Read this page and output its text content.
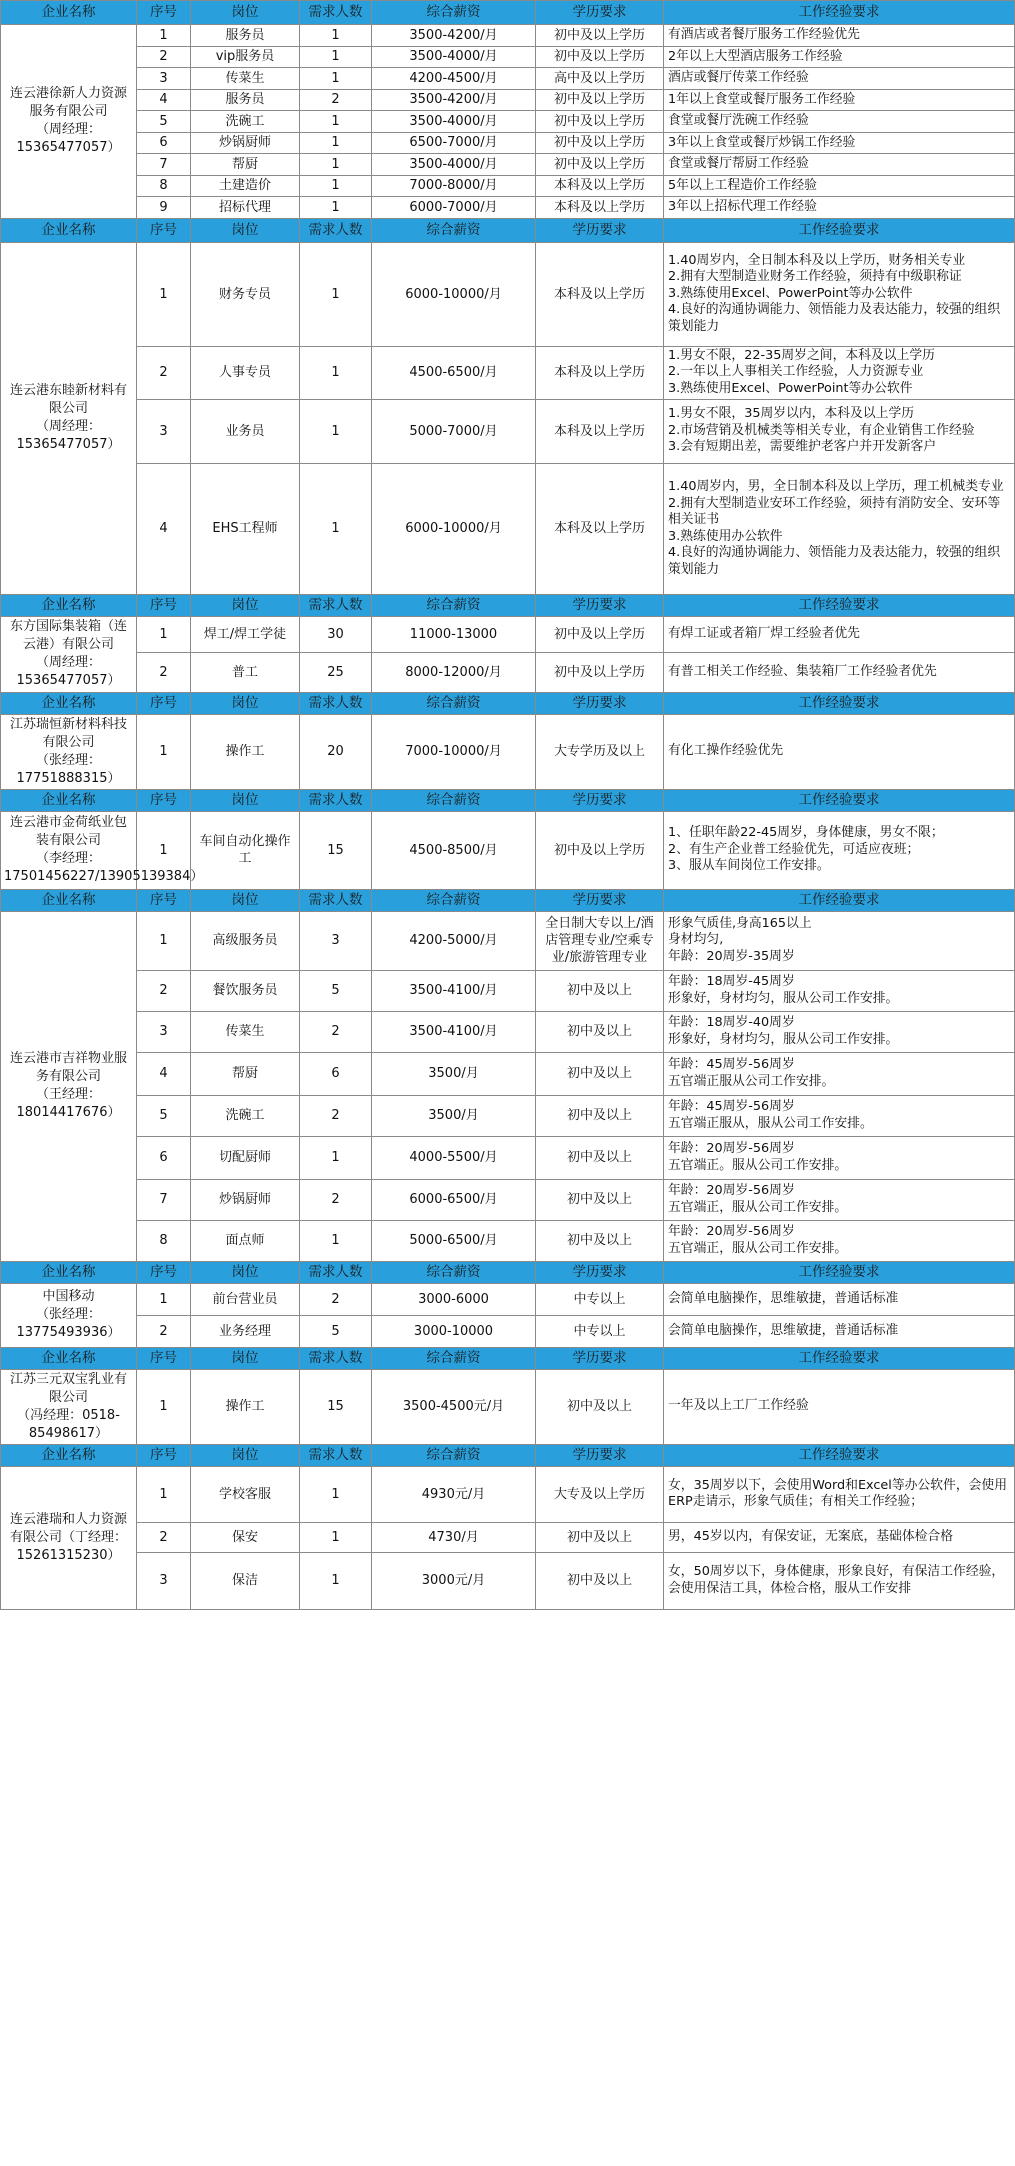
企业名称	序号	岗位	需求人数	综合薪资	学历要求	工作经验要求
连云港徐新人力资源服务有限公司
（周经理：15365477057）	1	服务员	1	3500-4200/月	初中及以上学历	有酒店或者餐厅服务工作经验优先
	2	vip服务员	1	3500-4000/月	初中及以上学历	2年以上大型酒店服务工作经验
	3	传菜生	1	4200-4500/月	高中及以上学历	酒店或餐厅传菜工作经验
	4	服务员	2	3500-4200/月	初中及以上学历	1年以上食堂或餐厅服务工作经验
	5	洗碗工	1	3500-4000/月	初中及以上学历	食堂或餐厅洗碗工作经验
	6	炒锅厨师	1	6500-7000/月	初中及以上学历	3年以上食堂或餐厅炒锅工作经验
	7	帮厨	1	3500-4000/月	初中及以上学历	食堂或餐厅帮厨工作经验
	8	土建造价	1	7000-8000/月	本科及以上学历	5年以上工程造价工作经验
	9	招标代理	1	6000-7000/月	本科及以上学历	3年以上招标代理工作经验
企业名称	序号	岗位	需求人数	综合薪资	学历要求	工作经验要求
连云港东睦新材料有限公司
（周经理：15365477057）	1	财务专员	1	6000-10000/月	本科及以上学历	1.40周岁内，全日制本科及以上学历，财务相关专业
2.拥有大型制造业财务工作经验，须持有中级职称证
3.熟练使用Excel、PowerPoint等办公软件
4.良好的沟通协调能力、领悟能力及表达能力，较强的组织策划能力
	2	人事专员	1	4500-6500/月	本科及以上学历	1.男女不限，22-35周岁之间，本科及以上学历
2.一年以上人事相关工作经验，人力资源专业
3.熟练使用Excel、PowerPoint等办公软件
	3	业务员	1	5000-7000/月	本科及以上学历	1.男女不限，35周岁以内，本科及以上学历
2.市场营销及机械类等相关专业，有企业销售工作经验
3.会有短期出差，需要维护老客户并开发新客户
	4	EHS工程师	1	6000-10000/月	本科及以上学历	1.40周岁内，男，全日制本科及以上学历，理工机械类专业
2.拥有大型制造业安环工作经验，须持有消防安全、安环等相关证书
3.熟练使用办公软件
4.良好的沟通协调能力、领悟能力及表达能力，较强的组织策划能力
企业名称	序号	岗位	需求人数	综合薪资	学历要求	工作经验要求
东方国际集装箱（连云港）有限公司
（周经理：15365477057）	1	焊工/焊工学徒	30	11000-13000	初中及以上学历	有焊工证或者箱厂焊工经验者优先
	2	普工	25	8000-12000/月	初中及以上学历	有普工相关工作经验、集装箱厂工作经验者优先
企业名称	序号	岗位	需求人数	综合薪资	学历要求	工作经验要求
江苏瑞恒新材料科技有限公司
（张经理：17751888315）	1	操作工	20	7000-10000/月	大专学历及以上	有化工操作经验优先
企业名称	序号	岗位	需求人数	综合薪资	学历要求	工作经验要求
连云港市金荷纸业包装有限公司
（李经理：17501456227/13905139384）	1	车间自动化操作工	15	4500-8500/月	初中及以上学历	1、任职年龄22-45周岁，身体健康，男女不限；
2、有生产企业普工经验优先，可适应夜班；
3、服从车间岗位工作安排。
企业名称	序号	岗位	需求人数	综合薪资	学历要求	工作经验要求
连云港市吉祥物业服务有限公司
（王经理：18014417676）	1	高级服务员	3	4200-5000/月	全日制大专以上/酒店管理专业/空乘专业/旅游管理专业	形象气质佳,身高165以上
身材均匀,
年龄：20周岁-35周岁
	2	餐饮服务员	5	3500-4100/月	初中及以上	年龄：18周岁-45周岁
形象好，身材均匀，服从公司工作安排。
	3	传菜生	2	3500-4100/月	初中及以上	年龄：18周岁-40周岁
形象好，身材均匀，服从公司工作安排。
	4	帮厨	6	3500/月	初中及以上	年龄：45周岁-56周岁
五官端正服从公司工作安排。
	5	洗碗工	2	3500/月	初中及以上	年龄：45周岁-56周岁
五官端正服从，服从公司工作安排。
	6	切配厨师	1	4000-5500/月	初中及以上	年龄：20周岁-56周岁
五官端正。服从公司工作安排。
	7	炒锅厨师	2	6000-6500/月	初中及以上	年龄：20周岁-56周岁
五官端正，服从公司工作安排。
	8	面点师	1	5000-6500/月	初中及以上	年龄：20周岁-56周岁
五官端正，服从公司工作安排。
企业名称	序号	岗位	需求人数	综合薪资	学历要求	工作经验要求
中国移动
（张经理：13775493936）	1	前台营业员	2	3000-6000	中专以上	会简单电脑操作，思维敏捷，普通话标准
	2	业务经理	5	3000-10000	中专以上	会简单电脑操作，思维敏捷，普通话标准
企业名称	序号	岗位	需求人数	综合薪资	学历要求	工作经验要求
江苏三元双宝乳业有限公司
（冯经理：0518-85498617）	1	操作工	15	3500-4500元/月	初中及以上	一年及以上工厂工作经验
企业名称	序号	岗位	需求人数	综合薪资	学历要求	工作经验要求
连云港瑞和人力资源有限公司（丁经理：15261315230）	1	学校客服	1	4930元/月	大专及以上学历	女，35周岁以下，会使用Word和Excel等办公软件，会使用ERP走请示，形象气质佳；有相关工作经验；
	2	保安	1	4730/月	初中及以上	男，45岁以内，有保安证，无案底，基础体检合格
	3	保洁	1	3000元/月	初中及以上	女，50周岁以下，身体健康，形象良好，有保洁工作经验，会使用保洁工具，体检合格，服从工作安排
